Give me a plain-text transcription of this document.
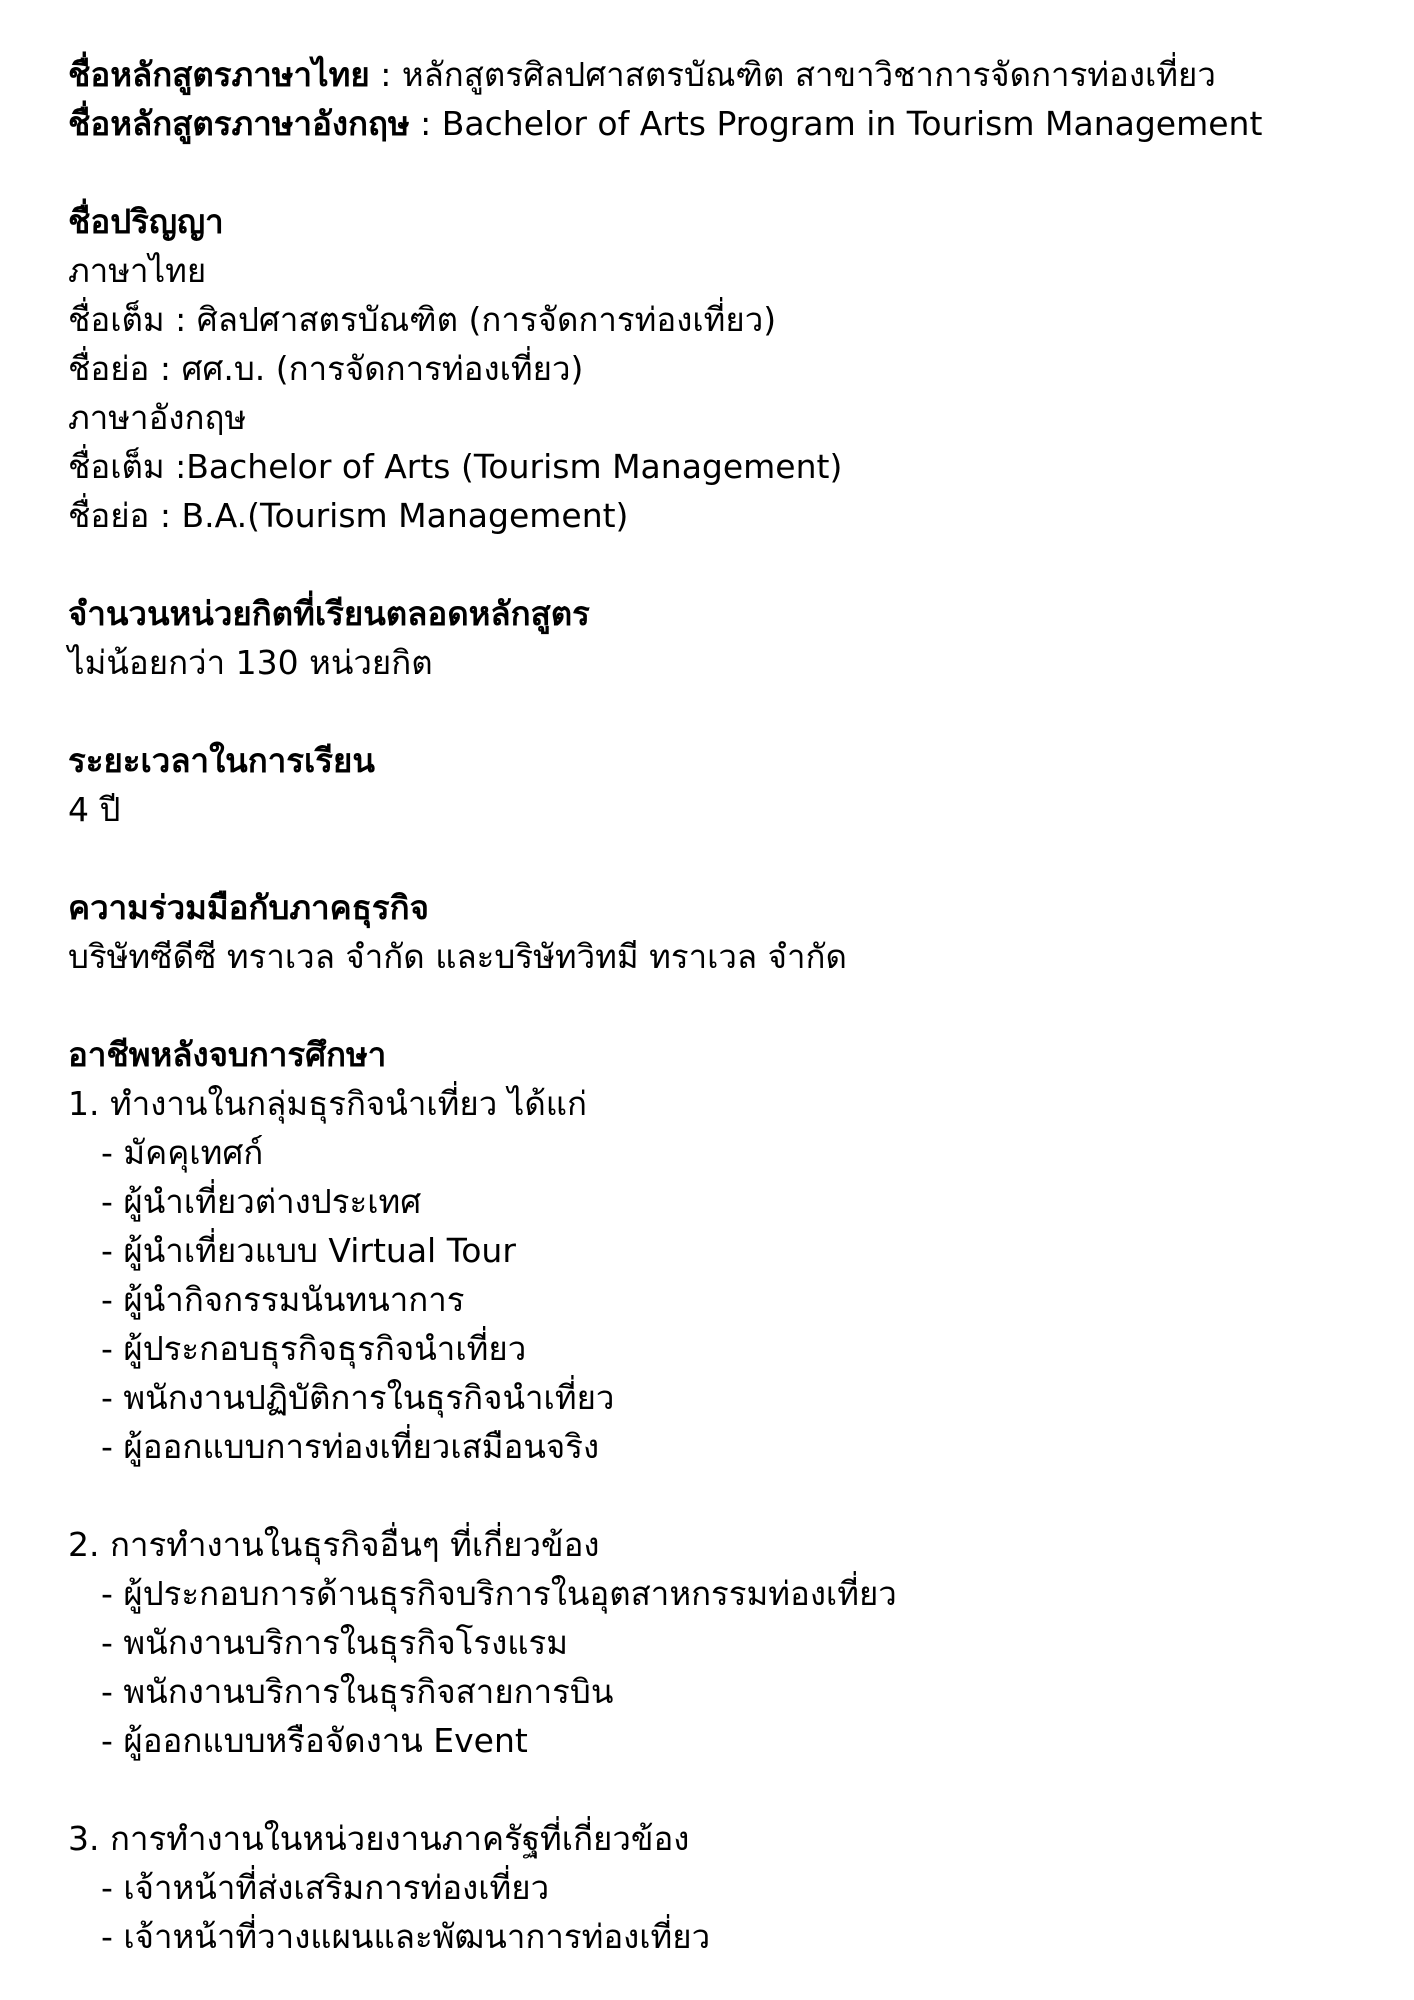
ชื่อหลักสูตรภาษาไทย : หลักสูตรศิลปศาสตรบัณฑิต สาขาวิชาการจัดการท่องเที่ยว
ชื่อหลักสูตรภาษาอังกฤษ : Bachelor of Arts Program in Tourism Management
ชื่อปริญญา
ภาษาไทย
ชื่อเต็ม : ศิลปศาสตรบัณฑิต (การจัดการท่องเที่ยว)
ชื่อย่อ : ศศ.บ. (การจัดการท่องเที่ยว)
ภาษาอังกฤษ
ชื่อเต็ม :Bachelor of Arts (Tourism Management)
ชื่อย่อ : B.A.(Tourism Management)
จำนวนหน่วยกิตที่เรียนตลอดหลักสูตร
ไม่น้อยกว่า 130 หน่วยกิต
ระยะเวลาในการเรียน
4 ปี
ความร่วมมือกับภาคธุรกิจ
บริษัทซีดีซี ทราเวล จำกัด และบริษัทวิทมี ทราเวล จำกัด
อาชีพหลังจบการศึกษา
1. ทำงานในกลุ่มธุรกิจนำเที่ยว ได้แก่
- มัคคุเทศก์
- ผู้นำเที่ยวต่างประเทศ
- ผู้นำเที่ยวแบบ Virtual Tour
- ผู้นำกิจกรรมนันทนาการ
- ผู้ประกอบธุรกิจธุรกิจนำเที่ยว
- พนักงานปฏิบัติการในธุรกิจนำเที่ยว
- ผู้ออกแบบการท่องเที่ยวเสมือนจริง
2. การทำงานในธุรกิจอื่นๆ ที่เกี่ยวข้อง
- ผู้ประกอบการด้านธุรกิจบริการในอุตสาหกรรมท่องเที่ยว
- พนักงานบริการในธุรกิจโรงแรม
- พนักงานบริการในธุรกิจสายการบิน
- ผู้ออกแบบหรือจัดงาน Event
3. การทำงานในหน่วยงานภาครัฐที่เกี่ยวข้อง
- เจ้าหน้าที่ส่งเสริมการท่องเที่ยว
- เจ้าหน้าที่วางแผนและพัฒนาการท่องเที่ยว
